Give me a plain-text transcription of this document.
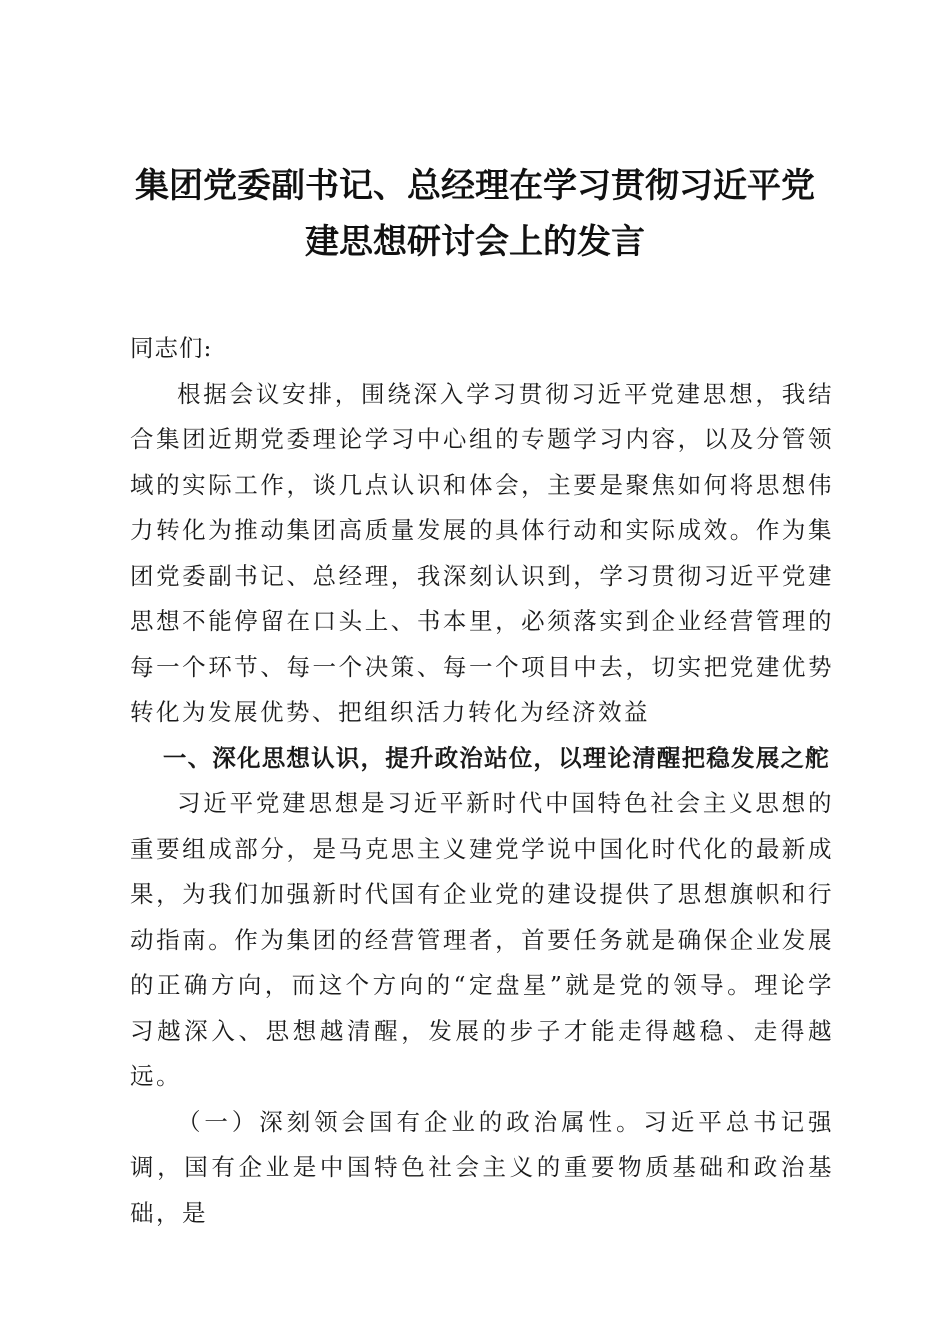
集团党委副书记、总经理在学习贯彻习近平党
建思想研讨会上的发言

同志们:

根据会议安排，围绕深入学习贯彻习近平党建思想，我结合集团近期党委理论学习中心组的专题学习内容，以及分管领域的实际工作，谈几点认识和体会，主要是聚焦如何将思想伟力转化为推动集团高质量发展的具体行动和实际成效。作为集团党委副书记、总经理，我深刻认识到，学习贯彻习近平党建思想不能停留在口头上、书本里，必须落实到企业经营管理的每一个环节、每一个决策、每一个项目中去，切实把党建优势转化为发展优势、把组织活力转化为经济效益

一、深化思想认识，提升政治站位，以理论清醒把稳发展之舵

习近平党建思想是习近平新时代中国特色社会主义思想的重要组成部分，是马克思主义建党学说中国化时代化的最新成果，为我们加强新时代国有企业党的建设提供了思想旗帜和行动指南。作为集团的经营管理者，首要任务就是确保企业发展的正确方向，而这个方向的“定盘星”就是党的领导。理论学习越深入、思想越清醒，发展的步子才能走得越稳、走得越远。

（一）深刻领会国有企业的政治属性。习近平总书记强调，国有企业是中国特色社会主义的重要物质基础和政治基础，是
